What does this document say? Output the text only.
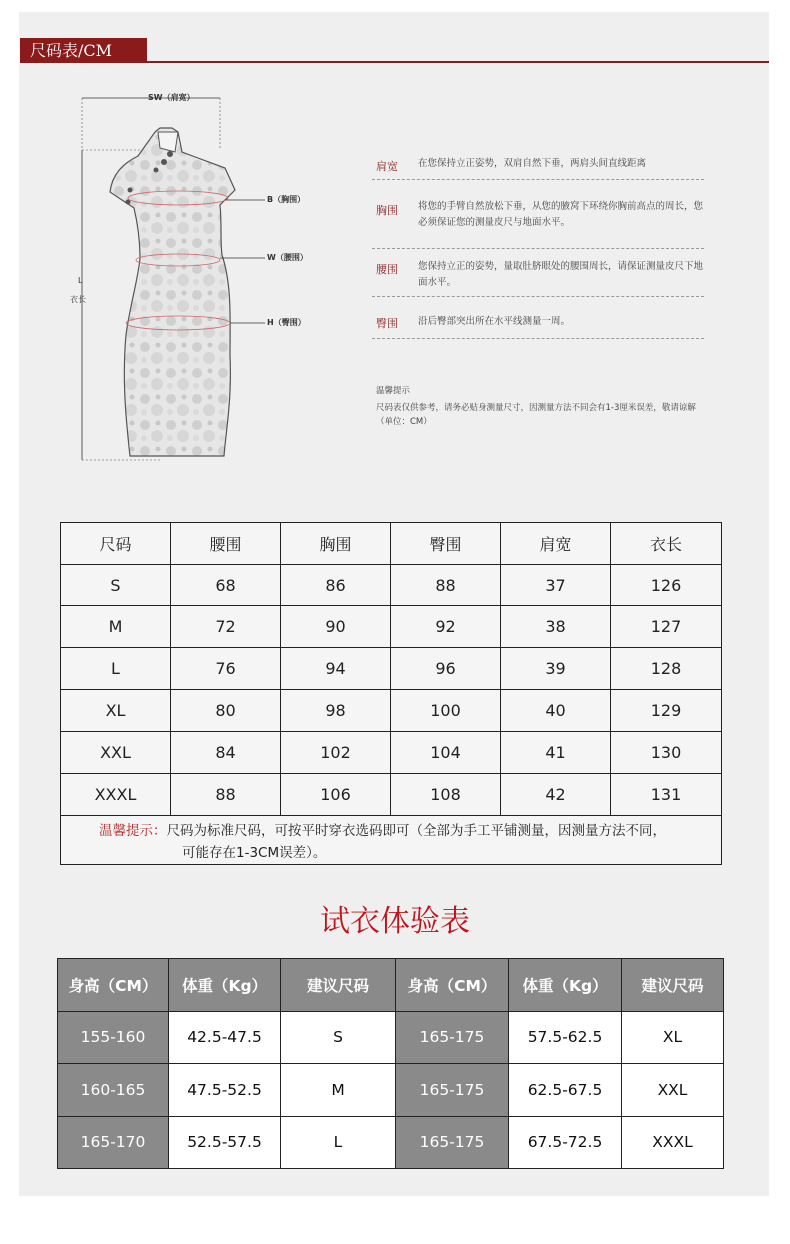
尺码表/CM
SW（肩宽）
B（胸围）
W（腰围）
H（臀围）
L
衣长
肩宽 在您保持立正姿势，双肩自然下垂，两肩头间直线距离
胸围 将您的手臂自然放松下垂，从您的腋窝下环绕你胸前高点的周长，您必须保证您的测量皮尺与地面水平。
腰围 您保持立正的姿势，量取肚脐眼处的腰围周长，请保证测量皮尺下地面水平。
臀围 沿后臀部突出所在水平线测量一周。
温馨提示
尺码表仅供参考，请务必贴身测量尺寸，因测量方法不同会有1-3厘米误差，敬请谅解（单位：CM）
尺码	腰围	胸围	臀围	肩宽	衣长
S	68	86	88	37	126
M	72	90	92	38	127
L	76	94	96	39	128
XL	80	98	100	40	129
XXL	84	102	104	41	130
XXXL	88	106	108	42	131
温馨提示：尺码为标准尺码，可按平时穿衣选码即可（全部为手工平铺测量，因测量方法不同，
可能存在1-3CM误差）。					
试衣体验表
身高（CM）	体重（Kg）	建议尺码	身高（CM）	体重（Kg）	建议尺码
155-160	42.5-47.5	S	165-175	57.5-62.5	XL
160-165	47.5-52.5	M	165-175	62.5-67.5	XXL
165-170	52.5-57.5	L	165-175	67.5-72.5	XXXL
